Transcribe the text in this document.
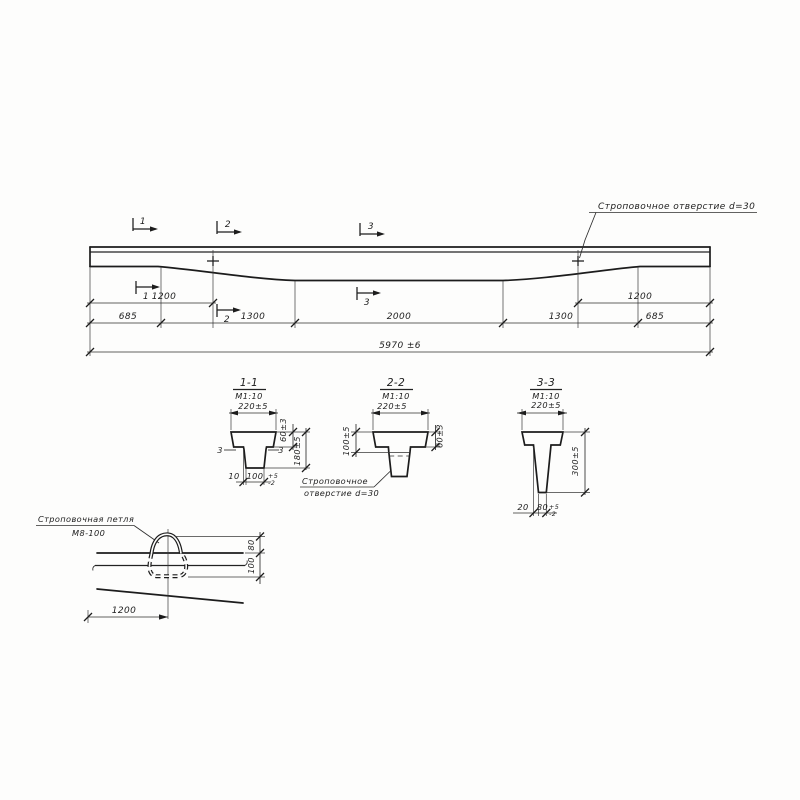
Строповочное отверстие d=30
1	2	3
1
2
3
1200	1200
685	1300	2000	1300	685
5970 ±6
1-1
М1:10
220±5
3	3
60±3
180±5
10 100 +5
-2
2-2
М1:10
220±5
100±5	60±3
Строповочное
отверстие d=30
3-3
М1:10
220±5
300±5
20 80 +5
-2
Строповочная петля
М8-100
1200
80
100
